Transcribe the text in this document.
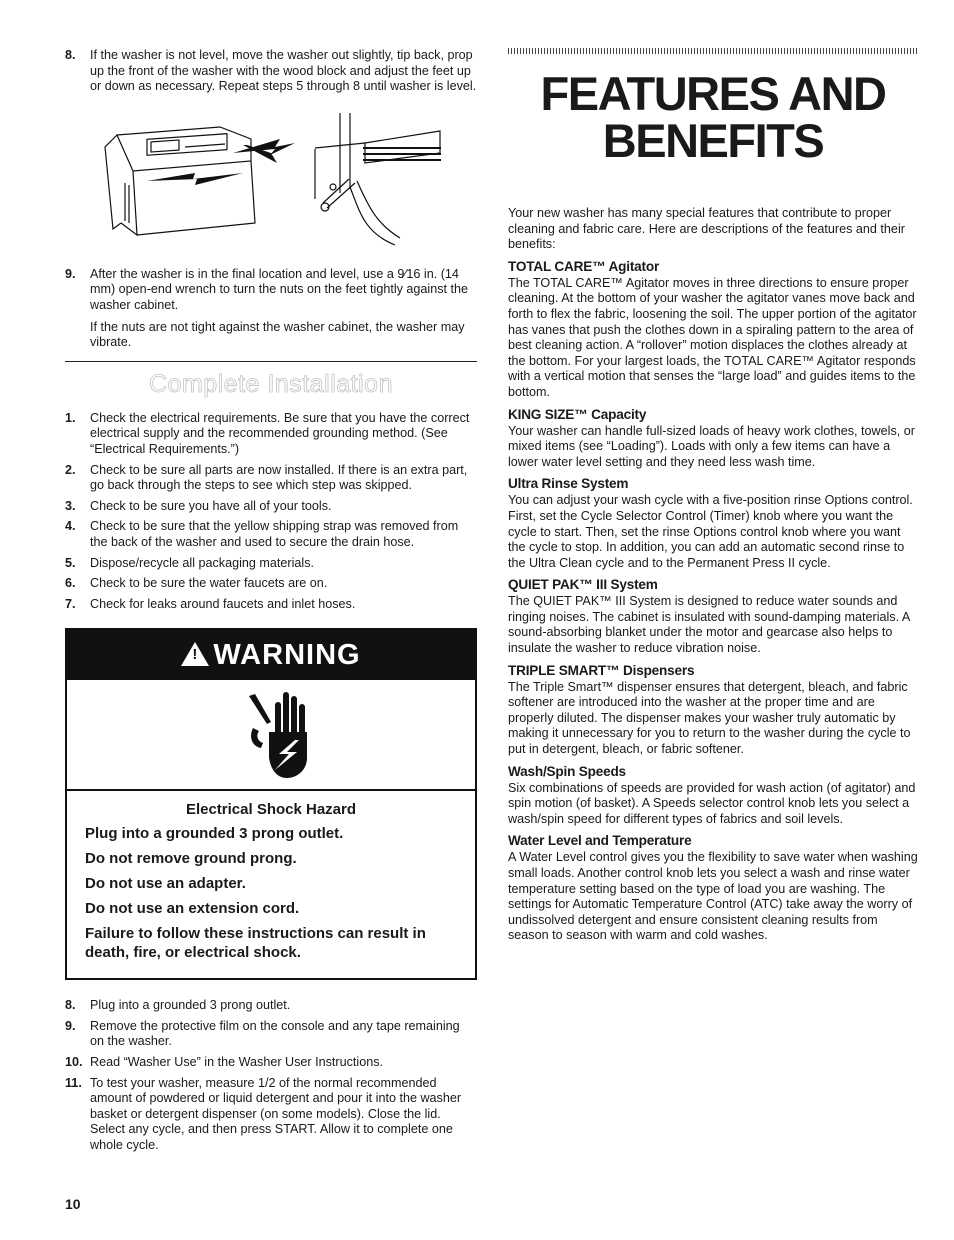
8. If the washer is not level, move the washer out slightly, tip back, prop up the front of the washer with the wood block and adjust the feet up or down as necessary. Repeat steps 5 through 8 until washer is level.

9. After the washer is in the final location and level, use a 9⁄16 in. (14 mm) open-end wrench to turn the nuts on the feet tightly against the washer cabinet.

If the nuts are not tight against the washer cabinet, the washer may vibrate.

Complete Installation
1. Check the electrical requirements. Be sure that you have the correct electrical supply and the recommended grounding method. (See “Electrical Requirements.”)

2. Check to be sure all parts are now installed. If there is an extra part, go back through the steps to see which step was skipped.

3. Check to be sure you have all of your tools.

4. Check to be sure that the yellow shipping strap was removed from the back of the washer and used to secure the drain hose.

5. Dispose/recycle all packaging materials.

6. Check to be sure the water faucets are on.

7. Check for leaks around faucets and inlet hoses.

!WARNING
Electrical Shock Hazard
Plug into a grounded 3 prong outlet.
Do not remove ground prong.
Do not use an adapter.
Do not use an extension cord.
Failure to follow these instructions can result in death, fire, or electrical shock.
8. Plug into a grounded 3 prong outlet.

9. Remove the protective film on the console and any tape remaining on the washer.

10. Read “Washer Use” in the Washer User Instructions.

11. To test your washer, measure 1/2 of the normal recommended amount of powdered or liquid detergent and pour it into the washer basket or detergent dispenser (on some models). Close the lid. Select any cycle, and then press START. Allow it to complete one whole cycle.

FEATURES AND
BENEFITS

Your new washer has many special features that contribute to proper cleaning and fabric care. Here are descriptions of the features and their benefits:

TOTAL CARE™ Agitator

The TOTAL CARE™ Agitator moves in three directions to ensure proper cleaning. At the bottom of your washer the agitator vanes move back and forth to flex the fabric, loosening the soil. The upper portion of the agitator has vanes that push the clothes down in a spiraling pattern to the area of best cleaning action. A “rollover” motion displaces the clothes already at the bottom. For your largest loads, the TOTAL CARE™ Agitator responds with a vertical motion that senses the “large load” and guides items to the bottom.

KING SIZE™ Capacity

Your washer can handle full-sized loads of heavy work clothes, towels, or mixed items (see “Loading”). Loads with only a few items can have a lower water level setting and they need less wash time.

Ultra Rinse System

You can adjust your wash cycle with a five-position rinse Options control. First, set the Cycle Selector Control (Timer) knob where you want the cycle to start. Then, set the rinse Options control knob where you want the cycle to stop. In addition, you can add an automatic second rinse to the Ultra Clean cycle and to the Permanent Press II cycle.

QUIET PAK™ III System

The QUIET PAK™ III System is designed to reduce water sounds and ringing noises. The cabinet is insulated with sound-damping materials. A sound-absorbing blanket under the motor and gearcase also helps to insulate the washer to reduce vibration noise.

TRIPLE SMART™ Dispensers

The Triple Smart™ dispenser ensures that detergent, bleach, and fabric softener are introduced into the washer at the proper time and are properly diluted. The dispenser makes your washer truly automatic by making it unnecessary for you to return to the washer during the cycle to put in detergent, bleach, or fabric softener.

Wash/Spin Speeds

Six combinations of speeds are provided for wash action (of agitator) and spin motion (of basket). A Speeds selector control knob lets you select a wash/spin speed for different types of fabrics and soil levels.

Water Level and Temperature

A Water Level control gives you the flexibility to save water when washing small loads. Another control knob lets you select a wash and rinse water temperature setting based on the type of load you are washing. The settings for Automatic Temperature Control (ATC) take away the worry of undissolved detergent and ensure consistent cleaning results from season to season with warm and cold washes.

10
